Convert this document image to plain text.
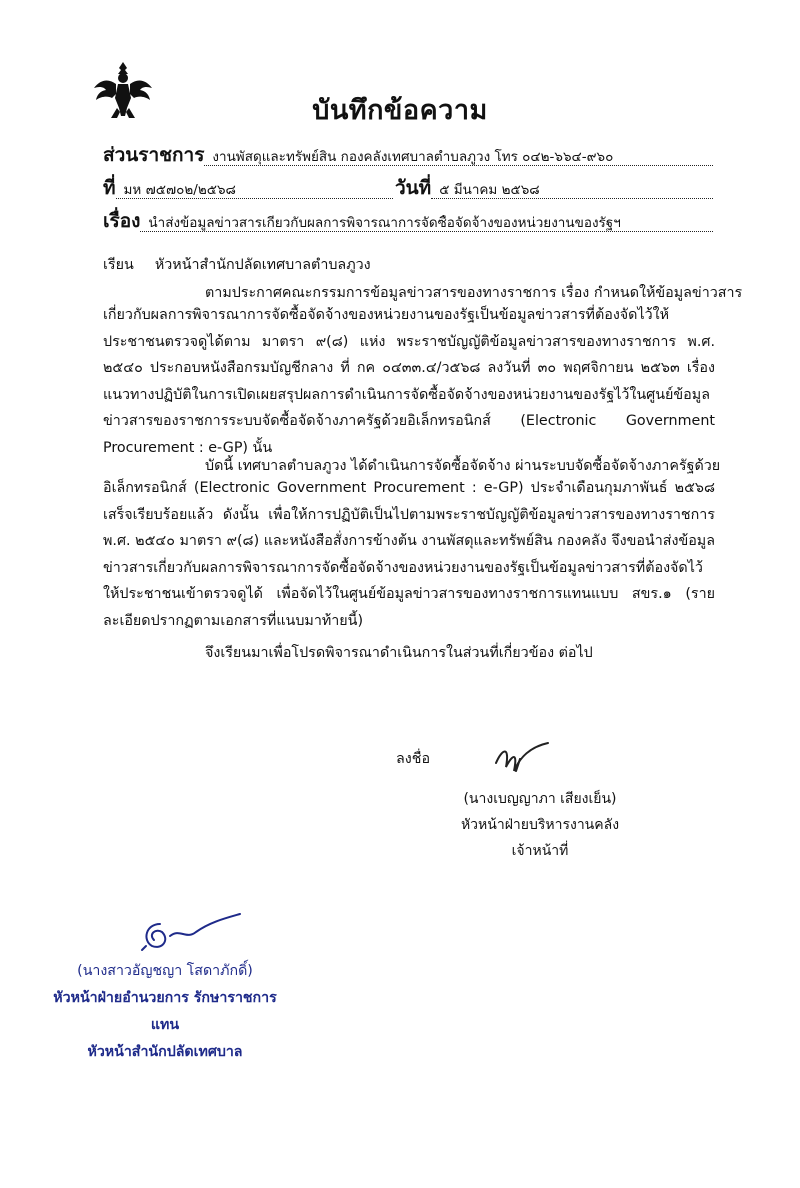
บันทึกข้อความ
ส่วนราชการ งานพัสดุและทรัพย์สิน กองคลังเทศบาลตำบลภูวง โทร ๐๔๒-๖๖๔-๙๖๐
ที่ มห ๗๕๗๐๒/๒๕๖๘	วันที่ ๕ มีนาคม ๒๕๖๘
เรื่อง นำส่งข้อมูลข่าวสารเกี่ยวกับผลการพิจารณาการจัดซื้อจัดจ้างของหน่วยงานของรัฐฯ
เรียน หัวหน้าสำนักปลัดเทศบาลตำบลภูวง
ตามประกาศคณะกรรมการข้อมูลข่าวสารของทางราชการ เรื่อง กำหนดให้ข้อมูลข่าวสาร

เกี่ยวกับผลการพิจารณาการจัดซื้อจัดจ้างของหน่วยงานของรัฐเป็นข้อมูลข่าวสารที่ต้องจัดไว้ให้ประชาชนตรวจดูได้ตาม มาตรา ๙(๘) แห่ง พระราชบัญญัติข้อมูลข่าวสารของทางราชการ พ.ศ. ๒๕๔๐ ประกอบหนังสือกรมบัญชีกลาง ที่ กค ๐๔๓๓.๔/ว๕๖๘ ลงวันที่ ๓๐ พฤศจิกายน ๒๕๖๓ เรื่อง แนวทางปฏิบัติในการเปิดเผยสรุปผลการดำเนินการจัดซื้อจัดจ้างของหน่วยงานของรัฐไว้ในศูนย์ข้อมูลข่าวสารของราชการระบบจัดซื้อจัดจ้างภาครัฐด้วยอิเล็กทรอนิกส์ (Electronic Government Procurement : e-GP) นั้น

บัดนี้ เทศบาลตำบลภูวง ได้ดำเนินการจัดซื้อจัดจ้าง ผ่านระบบจัดซื้อจัดจ้างภาครัฐด้วย

อิเล็กทรอนิกส์ (Electronic Government Procurement : e-GP) ประจำเดือนกุมภาพันธ์ ๒๕๖๘ เสร็จเรียบร้อยแล้ว ดังนั้น เพื่อให้การปฏิบัติเป็นไปตามพระราชบัญญัติข้อมูลข่าวสารของทางราชการ พ.ศ. ๒๕๔๐ มาตรา ๙(๘) และหนังสือสั่งการข้างต้น งานพัสดุและทรัพย์สิน กองคลัง จึงขอนำส่งข้อมูลข่าวสารเกี่ยวกับผลการพิจารณาการจัดซื้อจัดจ้างของหน่วยงานของรัฐเป็นข้อมูลข่าวสารที่ต้องจัดไว้ให้ประชาชนเข้าตรวจดูได้ เพื่อจัดไว้ในศูนย์ข้อมูลข่าวสารของทางราชการแทนแบบ สขร.๑ (รายละเอียดปรากฏตามเอกสารที่แนบมาท้ายนี้)

จึงเรียนมาเพื่อโปรดพิจารณาดำเนินการในส่วนที่เกี่ยวข้อง ต่อไป
ลงชื่อ
(นางเบญญาภา เสียงเย็น)
หัวหน้าฝ่ายบริหารงานคลัง
เจ้าหน้าที่
(นางสาวอัญชญา โสดาภักดิ์)
หัวหน้าฝ่ายอำนวยการ รักษาราชการแทน
หัวหน้าสำนักปลัดเทศบาล
